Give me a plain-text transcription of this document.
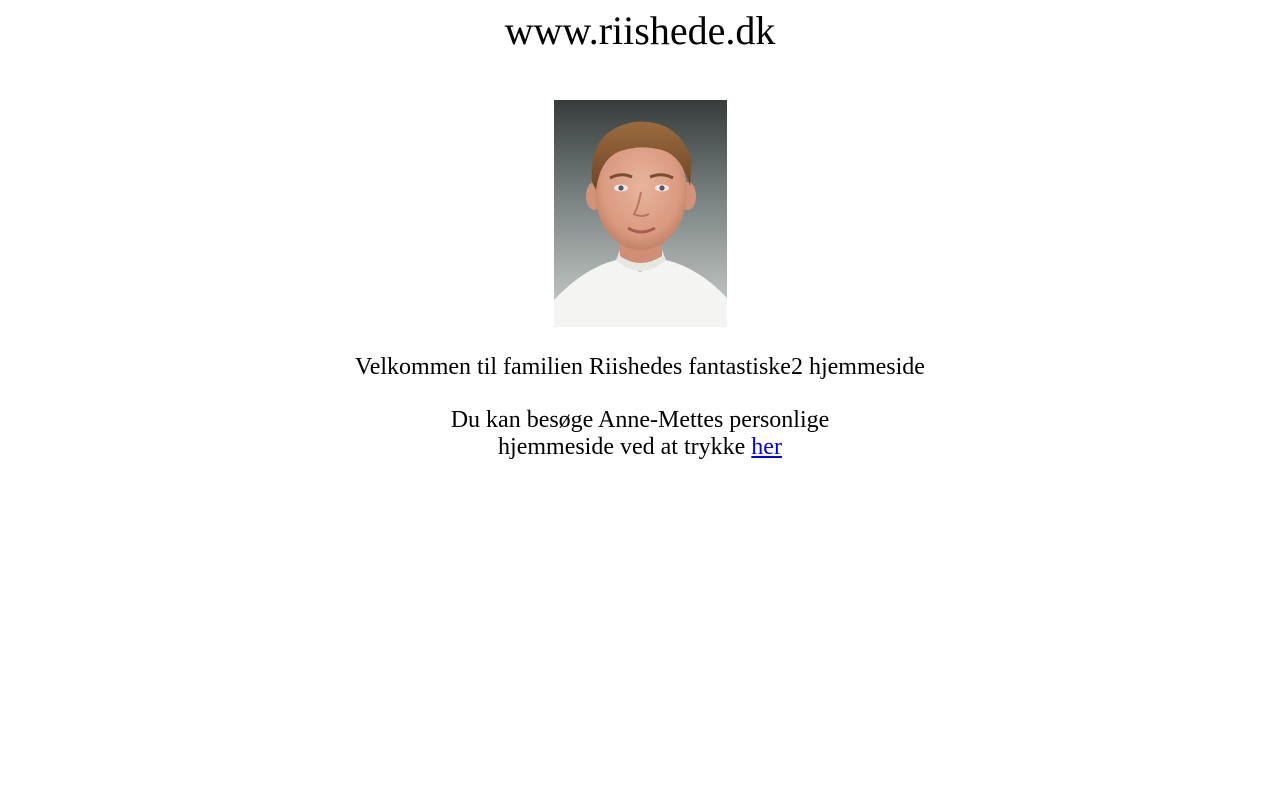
www.riishede.dk

Velkommen til familien Riishedes fantastiske2 hjemmeside

Du kan besøge Anne-Mettes personlige
hjemmeside ved at trykke her
